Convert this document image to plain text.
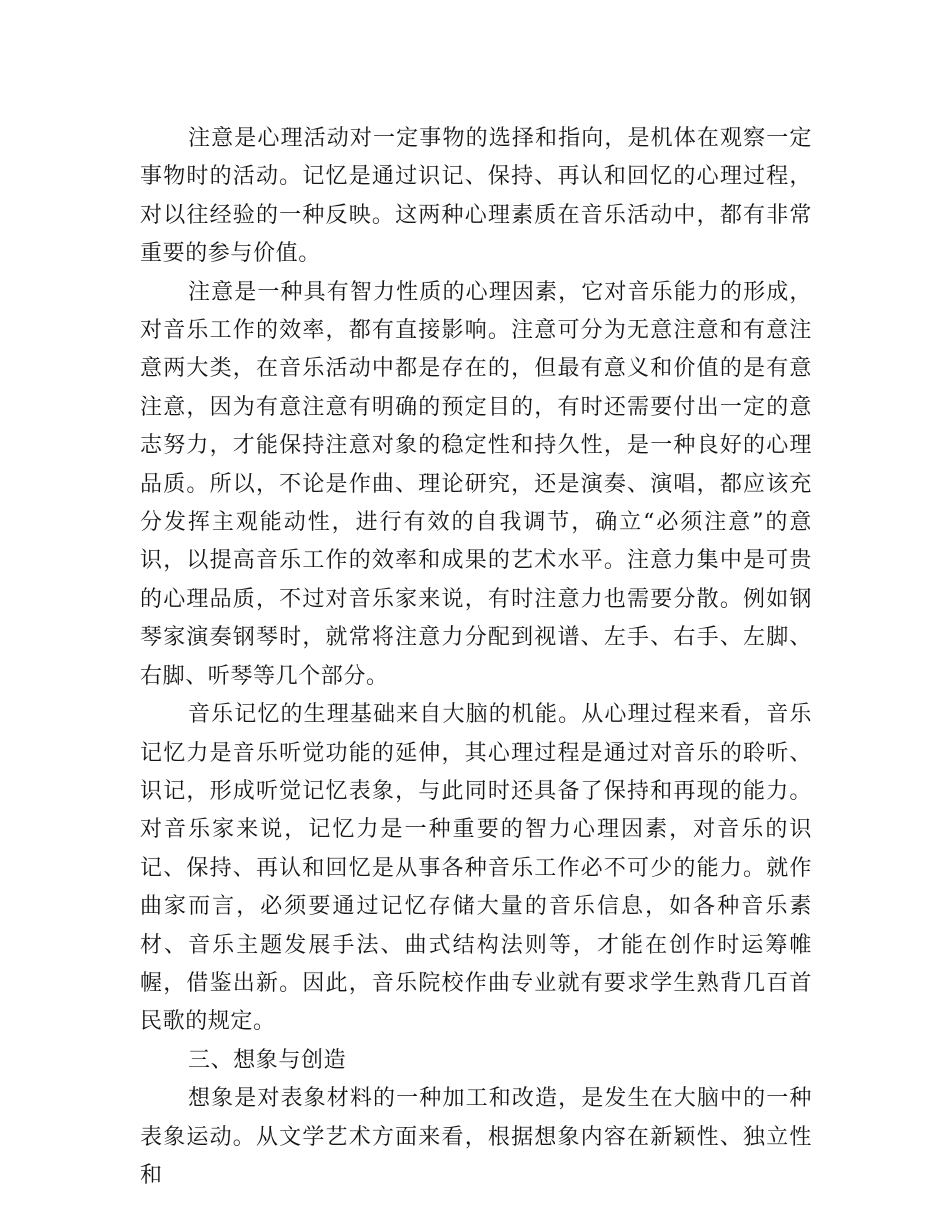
注意是心理活动对一定事物的选择和指向，是机体在观察一定事物时的活动。记忆是通过识记、保持、再认和回忆的心理过程，对以往经验的一种反映。这两种心理素质在音乐活动中，都有非常重要的参与价值。

注意是一种具有智力性质的心理因素，它对音乐能力的形成，对音乐工作的效率，都有直接影响。注意可分为无意注意和有意注意两大类，在音乐活动中都是存在的，但最有意义和价值的是有意注意，因为有意注意有明确的预定目的，有时还需要付出一定的意志努力，才能保持注意对象的稳定性和持久性，是一种良好的心理品质。所以，不论是作曲、理论研究，还是演奏、演唱，都应该充分发挥主观能动性，进行有效的自我调节，确立“必须注意”的意识，以提高音乐工作的效率和成果的艺术水平。注意力集中是可贵的心理品质，不过对音乐家来说，有时注意力也需要分散。例如钢琴家演奏钢琴时，就常将注意力分配到视谱、左手、右手、左脚、右脚、听琴等几个部分。

音乐记忆的生理基础来自大脑的机能。从心理过程来看，音乐记忆力是音乐听觉功能的延伸，其心理过程是通过对音乐的聆听、识记，形成听觉记忆表象，与此同时还具备了保持和再现的能力。对音乐家来说，记忆力是一种重要的智力心理因素，对音乐的识记、保持、再认和回忆是从事各种音乐工作必不可少的能力。就作曲家而言，必须要通过记忆存储大量的音乐信息，如各种音乐素材、音乐主题发展手法、曲式结构法则等，才能在创作时运筹帷幄，借鉴出新。因此，音乐院校作曲专业就有要求学生熟背几百首民歌的规定。

三、想象与创造

想象是对表象材料的一种加工和改造，是发生在大脑中的一种表象运动。从文学艺术方面来看，根据想象内容在新颖性、独立性和
